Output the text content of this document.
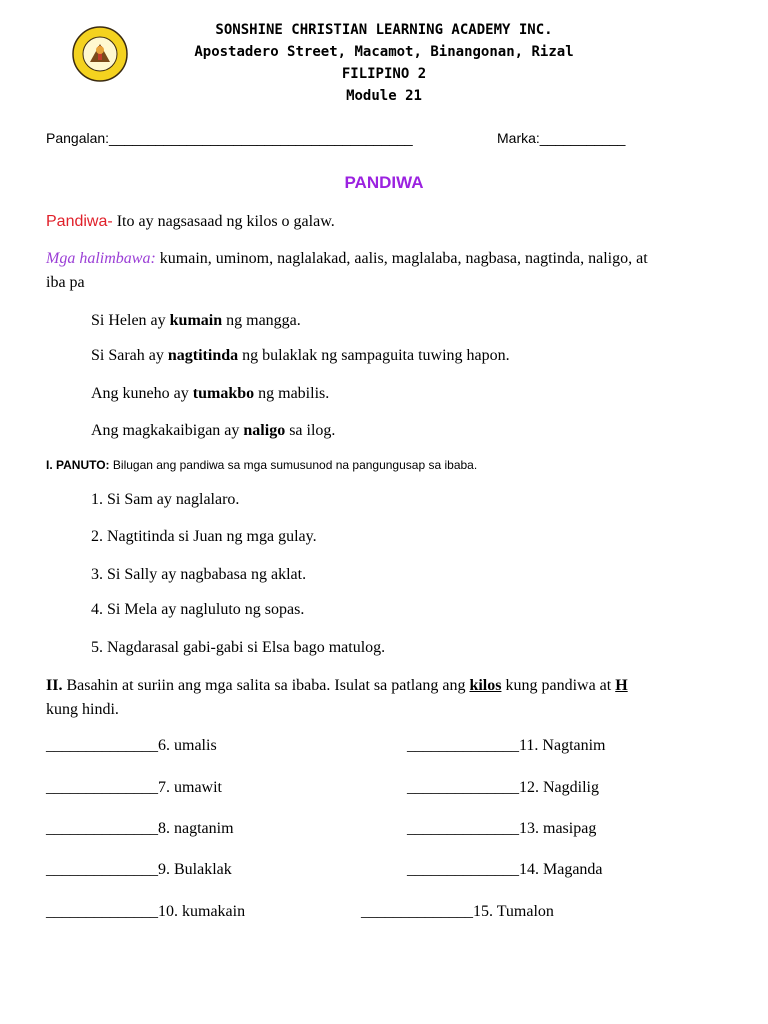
SONSHINE CHRISTIAN LEARNING ACADEMY INC.
Apostadero Street, Macamot, Binangonan, Rizal
FILIPINO 2
Module 21
Pangalan:_______________________________________	Marka:___________
PANDIWA
Pandiwa- Ito ay nagsasaad ng kilos o galaw.
Mga halimbawa: kumain, uminom, naglalakad, aalis, maglalaba, nagbasa, nagtinda, naligo, at
iba pa
Si Helen ay kumain ng mangga.
Si Sarah ay nagtitinda ng bulaklak ng sampaguita tuwing hapon.
Ang kuneho ay tumakbo ng mabilis.
Ang magkakaibigan ay naligo sa ilog.
I. PANUTO: Bilugan ang pandiwa sa mga sumusunod na pangungusap sa ibaba.
1. Si Sam ay naglalaro.
2. Nagtitinda si Juan ng mga gulay.
3. Si Sally ay nagbabasa ng aklat.
4. Si Mela ay nagluluto ng sopas.
5. Nagdarasal gabi-gabi si Elsa bago matulog.
II. Basahin at suriin ang mga salita sa ibaba. Isulat sa patlang ang kilos kung pandiwa at H
kung hindi.
______________6. umalis
______________7. umawit
______________8. nagtanim
______________9. Bulaklak
______________10. kumakain
______________11. Nagtanim
______________12. Nagdilig
______________13. masipag
______________14. Maganda
______________15. Tumalon
